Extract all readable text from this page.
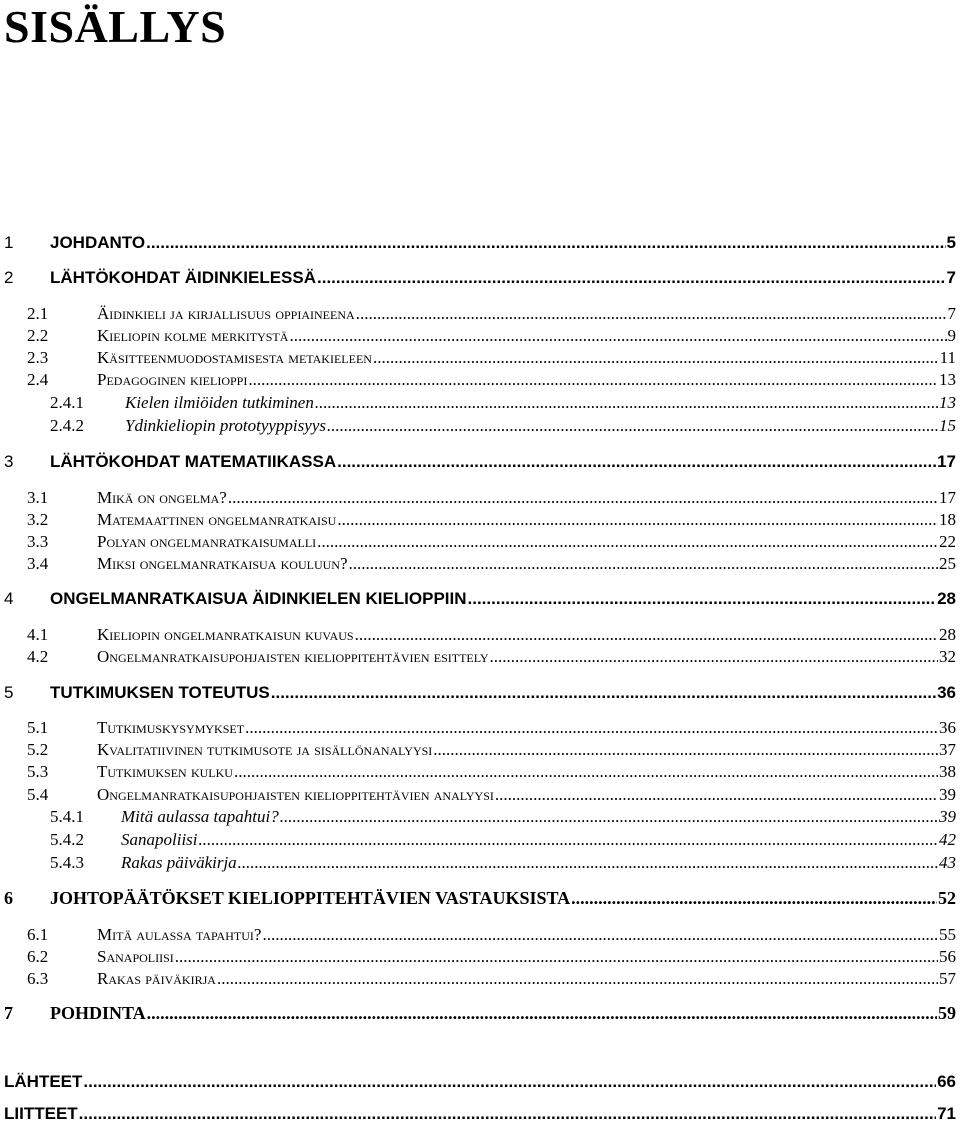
SISÄLLYS
1 JOHDANTO .....	5
2 LÄHTÖKOHDAT ÄIDINKIELESSÄ .....	7
2.1	Äidinkieli ja kirjallisuus oppiaineena .....	7
2.2	Kieliopin kolme merkitystä .....	9
2.3	Käsitteenmuodostamisesta metakieleen .....	11
2.4	Pedagoginen kielioppi .....	13
2.4.1 Kielen ilmiöiden tutkiminen .....	13
2.4.2 Ydinkieliopin prototyyppisyys .....	15
3 LÄHTÖKOHDAT MATEMATIIKASSA .....	17
3.1	Mikä on ongelma? .....	17
3.2	Matemaattinen ongelmanratkaisu .....	18
3.3	Polyan ongelmanratkaisumalli .....	22
3.4	Miksi ongelmanratkaisua kouluun? .....	25
4 ONGELMANRATKAISUA ÄIDINKIELEN KIELIOPPIIN .....	28
4.1	Kieliopin ongelmanratkaisun kuvaus .....	28
4.2	Ongelmanratkaisupohjaisten kielioppitehtävien esittely .....	32
5 TUTKIMUKSEN TOTEUTUS .....	36
5.1	Tutkimuskysymykset .....	36
5.2	Kvalitatiivinen tutkimusote ja sisällönanalyysi .....	37
5.3	Tutkimuksen kulku .....	38
5.4	Ongelmanratkaisupohjaisten kielioppitehtävien analyysi .....	39
5.4.1 Mitä aulassa tapahtui? .....	39
5.4.2 Sanapoliisi .....	42
5.4.3 Rakas päiväkirja .....	43
6 JOHTOPÄÄTÖKSET KIELIOPPITEHTÄVIEN VASTAUKSISTA .....	52
6.1	Mitä aulassa tapahtui? .....	55
6.2	Sanapoliisi .....	56
6.3	Rakas päiväkirja .....	57
7 POHDINTA .....	59
LÄHTEET .....	66
LIITTEET .....	71
